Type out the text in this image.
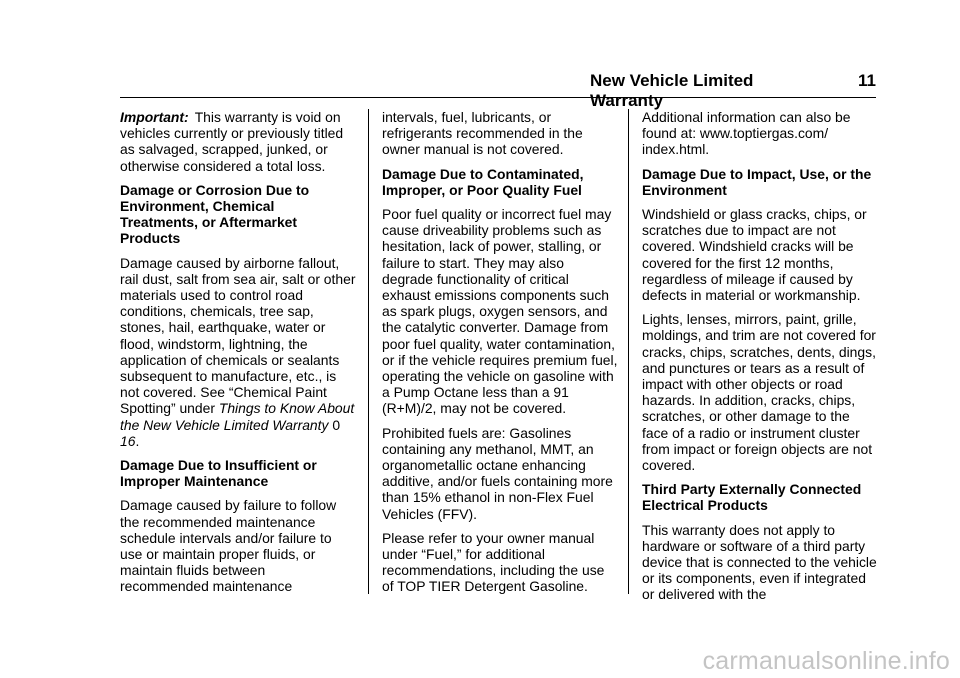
New Vehicle Limited Warranty
11

Important: This warranty is void on vehicles currently or previously titled as salvaged, scrapped, junked, or otherwise considered a total loss.

Damage or Corrosion Due to Environment, Chemical Treatments, or Aftermarket Products

Damage caused by airborne fallout, rail dust, salt from sea air, salt or other materials used to control road conditions, chemicals, tree sap, stones, hail, earthquake, water or flood, windstorm, lightning, the application of chemicals or sealants subsequent to manufacture, etc., is not covered. See “Chemical Paint Spotting” under Things to Know About the New Vehicle Limited Warranty 0 16.

Damage Due to Insufficient or Improper Maintenance

Damage caused by failure to follow the recommended maintenance schedule intervals and/or failure to use or maintain proper fluids, or maintain fluids between recommended maintenance

intervals, fuel, lubricants, or refrigerants recommended in the owner manual is not covered.

Damage Due to Contaminated, Improper, or Poor Quality Fuel

Poor fuel quality or incorrect fuel may cause driveability problems such as hesitation, lack of power, stalling, or failure to start. They may also degrade functionality of critical exhaust emissions components such as spark plugs, oxygen sensors, and the catalytic converter. Damage from poor fuel quality, water contamination, or if the vehicle requires premium fuel, operating the vehicle on gasoline with a Pump Octane less than a 91 (R+M)/2, may not be covered.

Prohibited fuels are: Gasolines containing any methanol, MMT, an organometallic octane enhancing additive, and/or fuels containing more than 15% ethanol in non-Flex Fuel Vehicles (FFV).

Please refer to your owner manual under “Fuel,” for additional recommendations, including the use of TOP TIER Detergent Gasoline.

Additional information can also be found at: www.toptiergas.com/ index.html.

Damage Due to Impact, Use, or the Environment

Windshield or glass cracks, chips, or scratches due to impact are not covered. Windshield cracks will be covered for the first 12 months, regardless of mileage if caused by defects in material or workmanship.

Lights, lenses, mirrors, paint, grille, moldings, and trim are not covered for cracks, chips, scratches, dents, dings, and punctures or tears as a result of impact with other objects or road hazards. In addition, cracks, chips, scratches, or other damage to the face of a radio or instrument cluster from impact or foreign objects are not covered.

Third Party Externally Connected Electrical Products

This warranty does not apply to hardware or software of a third party device that is connected to the vehicle or its components, even if integrated or delivered with the

carmanualsonline.info
